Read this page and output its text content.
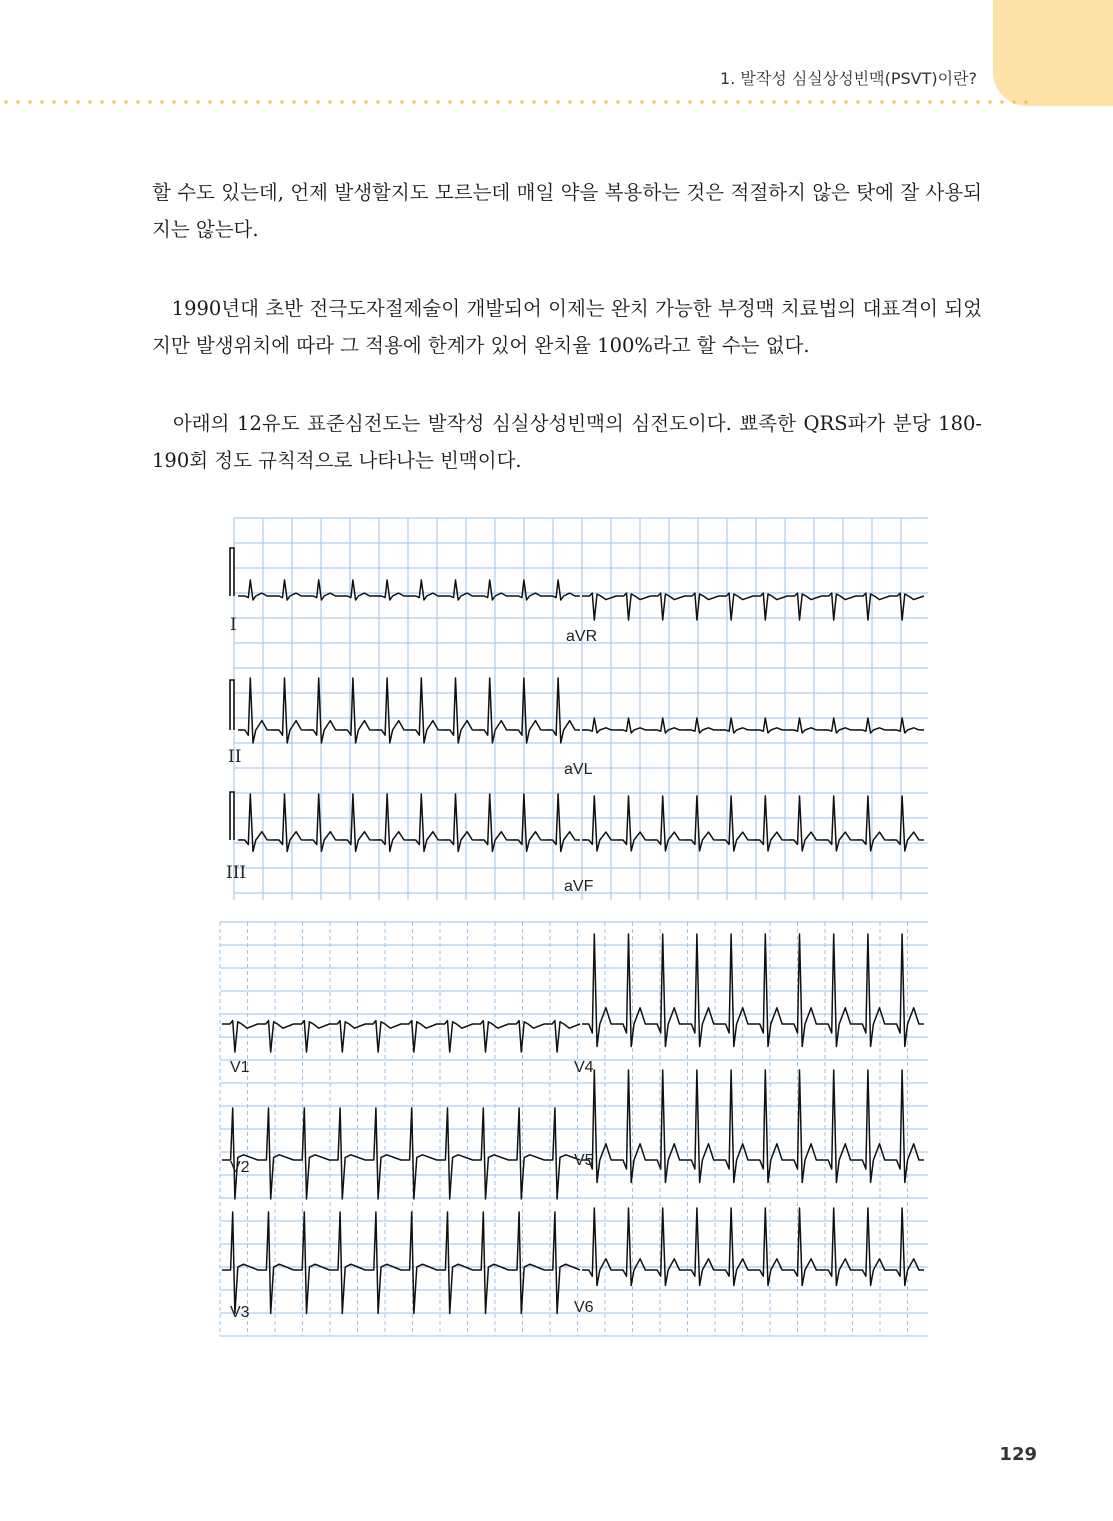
1. 발작성 심실상성빈맥(PSVT)이란?

할 수도 있는데, 언제 발생할지도 모르는데 매일 약을 복용하는 것은 적절하지 않은 탓에 잘 사용되지는 않는다.

　1990년대 초반 전극도자절제술이 개발되어 이제는 완치 가능한 부정맥 치료법의 대표격이 되었지만 발생위치에 따라 그 적용에 한계가 있어 완치율 100%라고 할 수는 없다.

　아래의 12유도 표준심전도는 발작성 심실상성빈맥의 심전도이다. 뾰족한 QRS파가 분당 180-190회 정도 규칙적으로 나타나는 빈맥이다.

I
aVR
II
aVL
III
aVF
V1	V4
V2	V5
V3	V6
129
